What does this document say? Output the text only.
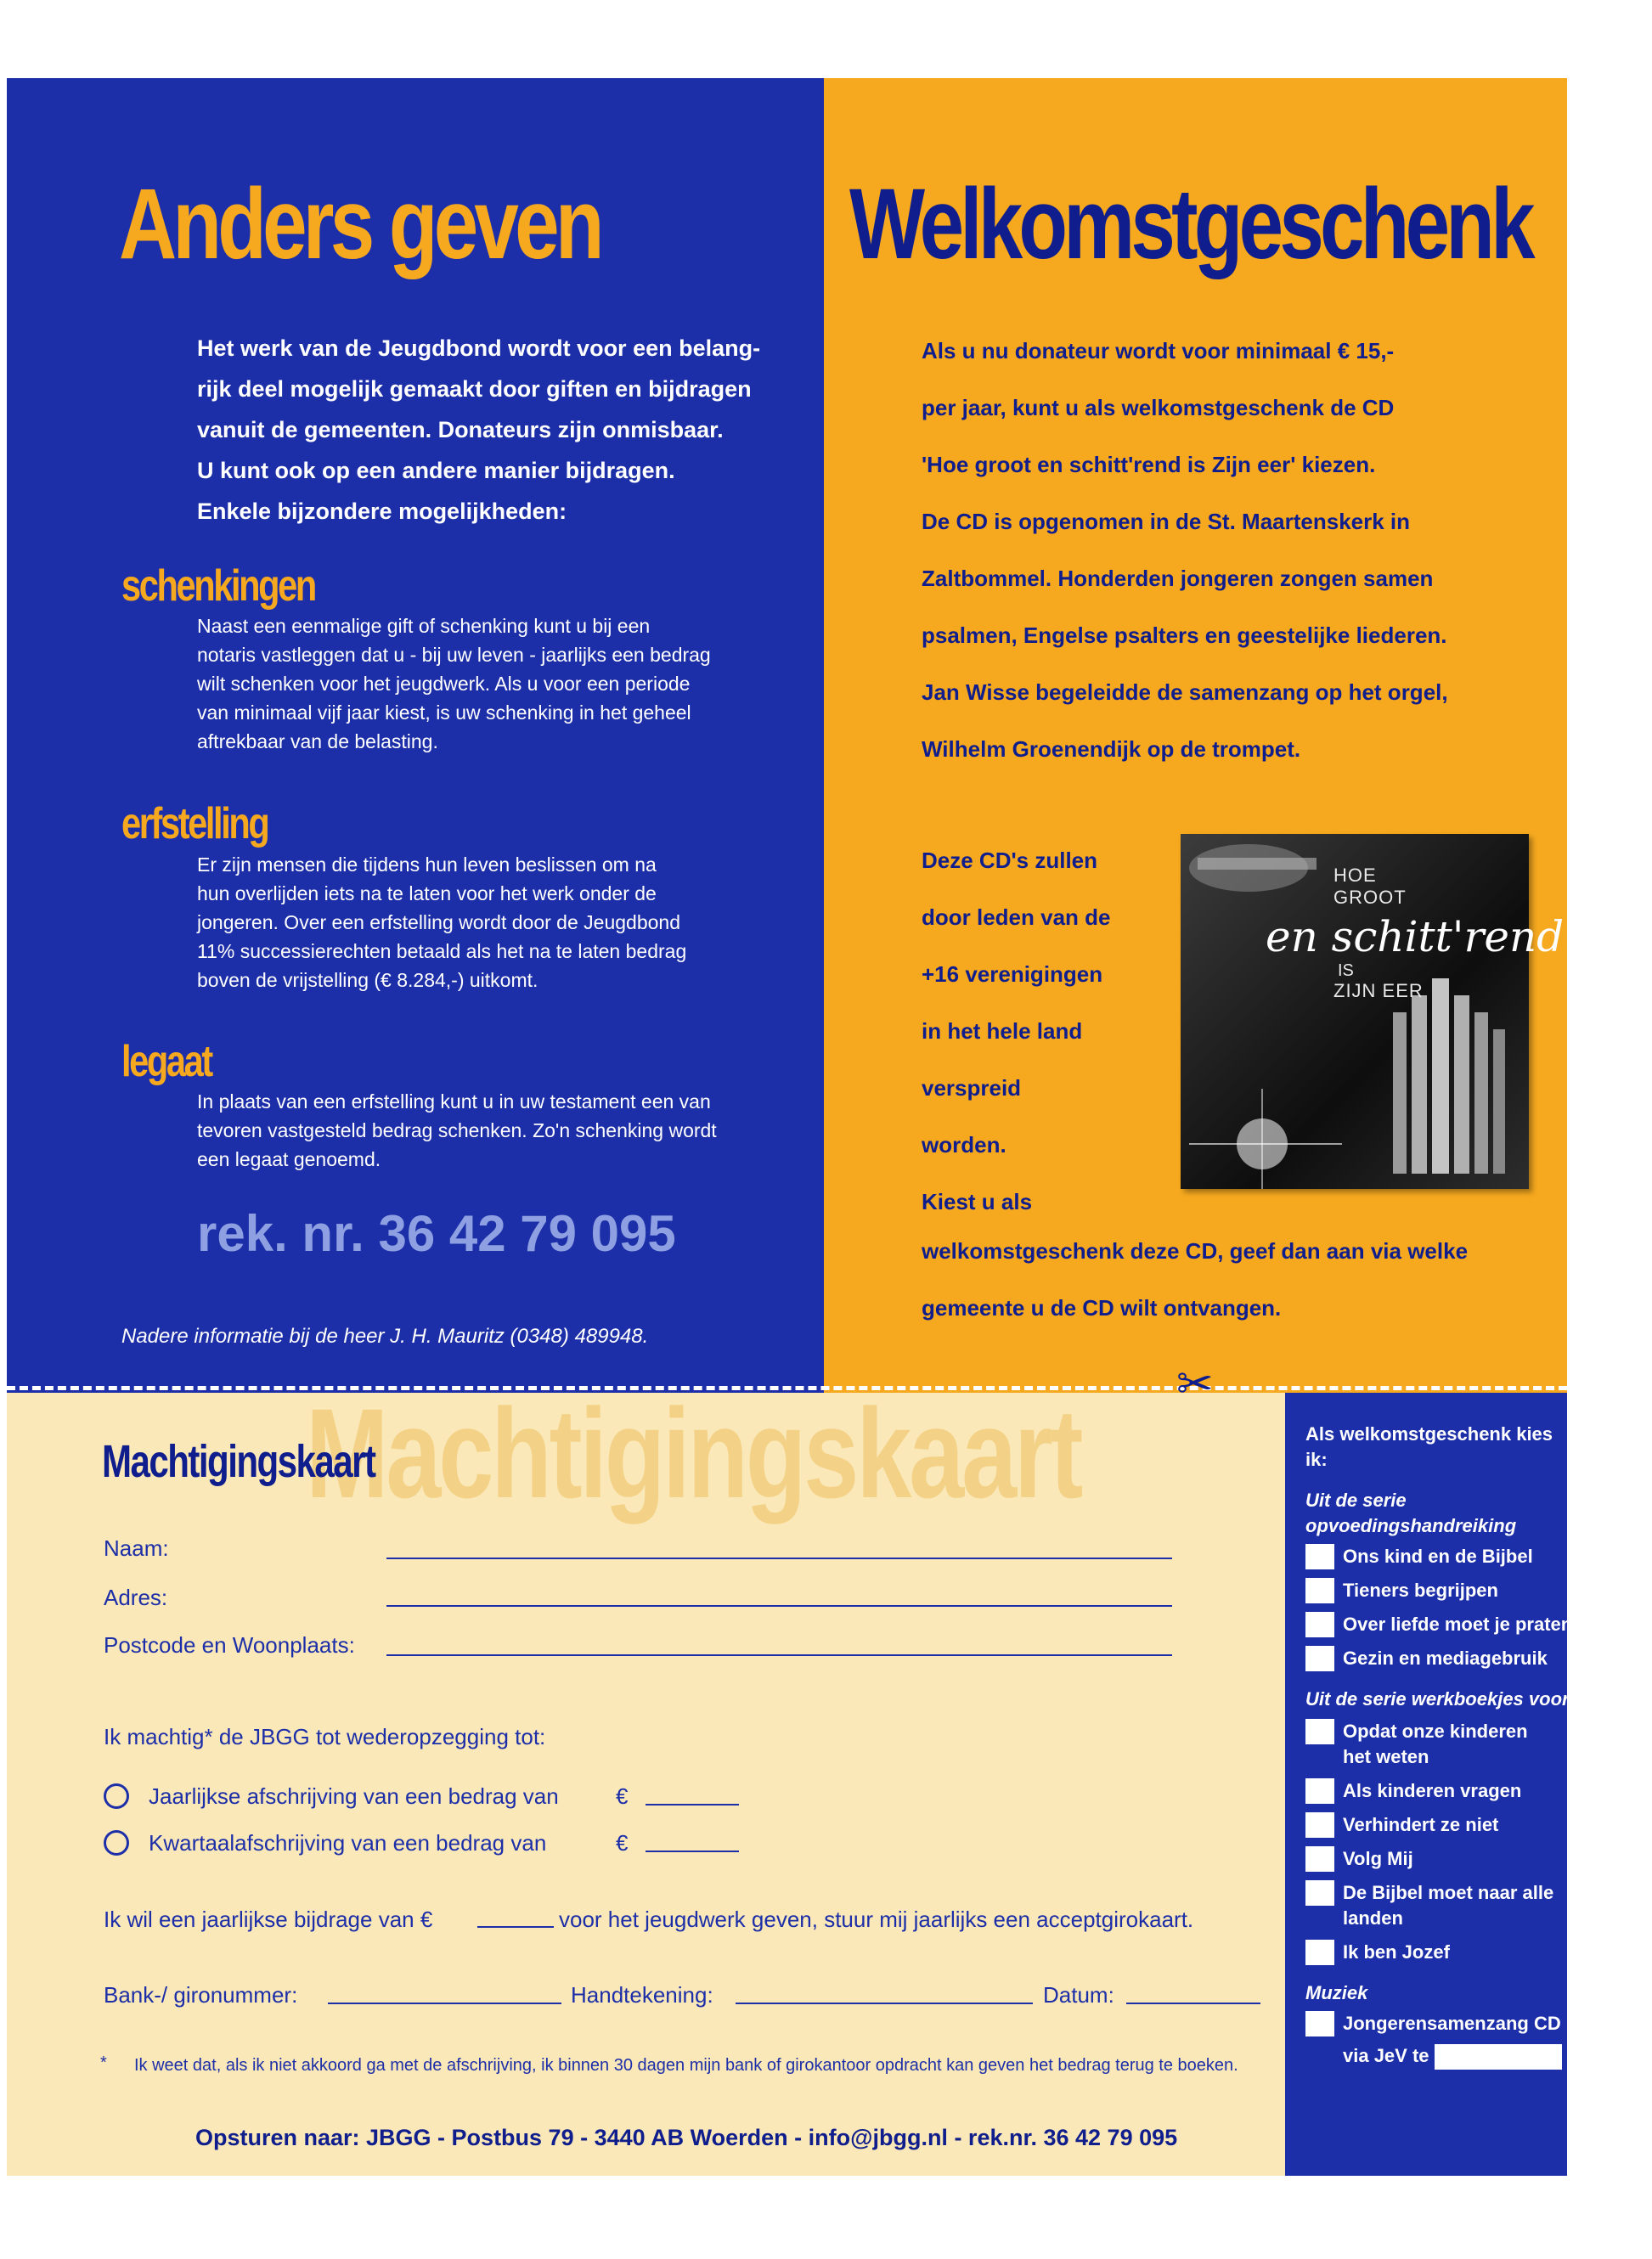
Anders geven
Het werk van de Jeugdbond wordt voor een belang-
rijk deel mogelijk gemaakt door giften en bijdragen
vanuit de gemeenten. Donateurs zijn onmisbaar.
U kunt ook op een andere manier bijdragen.
Enkele bijzondere mogelijkheden:
schenkingen
Naast een eenmalige gift of schenking kunt u bij een
notaris vastleggen dat u - bij uw leven - jaarlijks een bedrag
wilt schenken voor het jeugdwerk. Als u voor een periode
van minimaal vijf jaar kiest, is uw schenking in het geheel
aftrekbaar van de belasting.
erfstelling
Er zijn mensen die tijdens hun leven beslissen om na
hun overlijden iets na te laten voor het werk onder de
jongeren. Over een erfstelling wordt door de Jeugdbond
11% successierechten betaald als het na te laten bedrag
boven de vrijstelling (€ 8.284,-) uitkomt.
legaat
In plaats van een erfstelling kunt u in uw testament een van
tevoren vastgesteld bedrag schenken. Zo'n schenking wordt
een legaat genoemd.
rek. nr. 36 42 79 095
Nadere informatie bij de heer J. H. Mauritz (0348) 489948.
Welkomstgeschenk
Als u nu donateur wordt voor minimaal € 15,-
per jaar, kunt u als welkomstgeschenk de CD
'Hoe groot en schitt'rend is Zijn eer' kiezen.
De CD is opgenomen in de St. Maartenskerk in
Zaltbommel. Honderden jongeren zongen samen
psalmen, Engelse psalters en geestelijke liederen.
Jan Wisse begeleidde de samenzang op het orgel,
Wilhelm Groenendijk op de trompet.
Deze CD's zullen
door leden van de
+16 verenigingen
in het hele land
verspreid
worden.
Kiest u als
HOE
GROOT
en schitt'rend
IS
ZIJN EER
welkomstgeschenk deze CD, geef dan aan via welke
gemeente u de CD wilt ontvangen.
✂
Machtigingskaart
Machtigingskaart
Naam:
Adres:
Postcode en Woonplaats:
Ik machtig* de JBGG tot wederopzegging tot:
Jaarlijkse afschrijving van een bedrag van	€
Kwartaalafschrijving van een bedrag van	€
Ik wil een jaarlijkse bijdrage van €	voor het jeugdwerk geven, stuur mij jaarlijks een acceptgirokaart.
Bank-/ gironummer:	Handtekening:	Datum:
* Ik weet dat, als ik niet akkoord ga met de afschrijving, ik binnen 30 dagen mijn bank of girokantoor opdracht kan geven het bedrag terug te boeken.
Opsturen naar: JBGG - Postbus 79 - 3440 AB Woerden - info@jbgg.nl - rek.nr. 36 42 79 095
Als welkomstgeschenk kies ik:
Uit de serie opvoedingshandreiking
Ons kind en de Bijbel
Tieners begrijpen
Over liefde moet je praten
Gezin en mediagebruik
Uit de serie werkboekjes voor kinderen
Opdat onze kinderen het weten
Als kinderen vragen
Verhindert ze niet
Volg Mij
De Bijbel moet naar alle landen
Ik ben Jozef
Muziek
Jongerensamenzang CD
via JeV te
